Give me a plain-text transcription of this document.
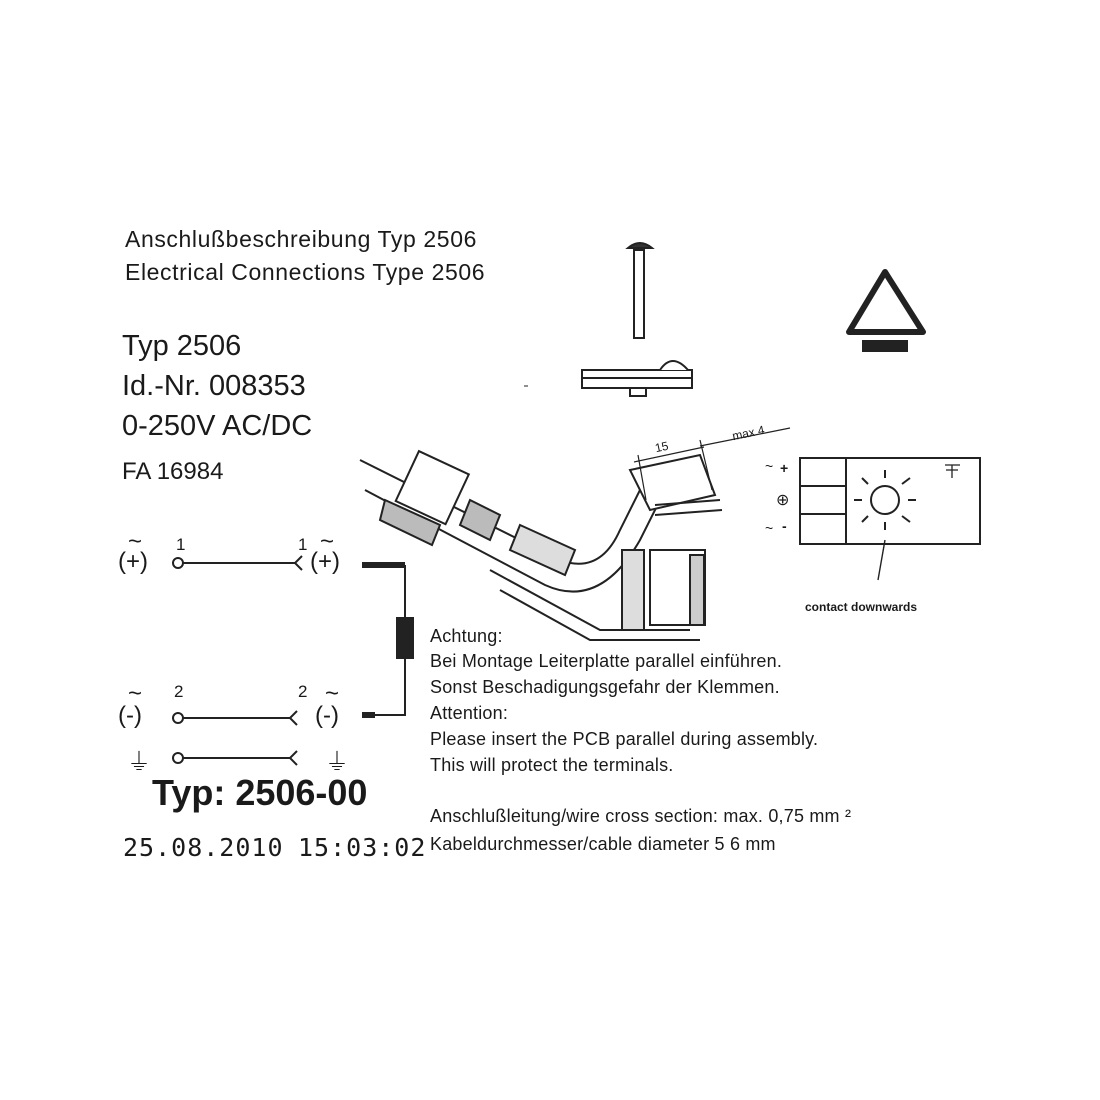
Anschlußbeschreibung Typ 2506
Electrical Connections Type 2506
Typ 2506
Id.-Nr. 008353
0-250V AC/DC
FA 16984
~
(+)
1	1 ~
(+)
~
(-)
2	2 ~
(-)
⏚	⏚
15
max 4
~ +
⊕
~ -
contact downwards
Achtung:
Bei Montage Leiterplatte parallel einführen.
Sonst Beschadigungsgefahr der Klemmen.
Attention:
Please insert the PCB parallel during assembly.
This will protect the terminals.
Anschlußleitung/wire cross section: max. 0,75 mm ²
Kabeldurchmesser/cable diameter 5 6 mm
Typ: 2506-00
25.08.2010 15:03:02
